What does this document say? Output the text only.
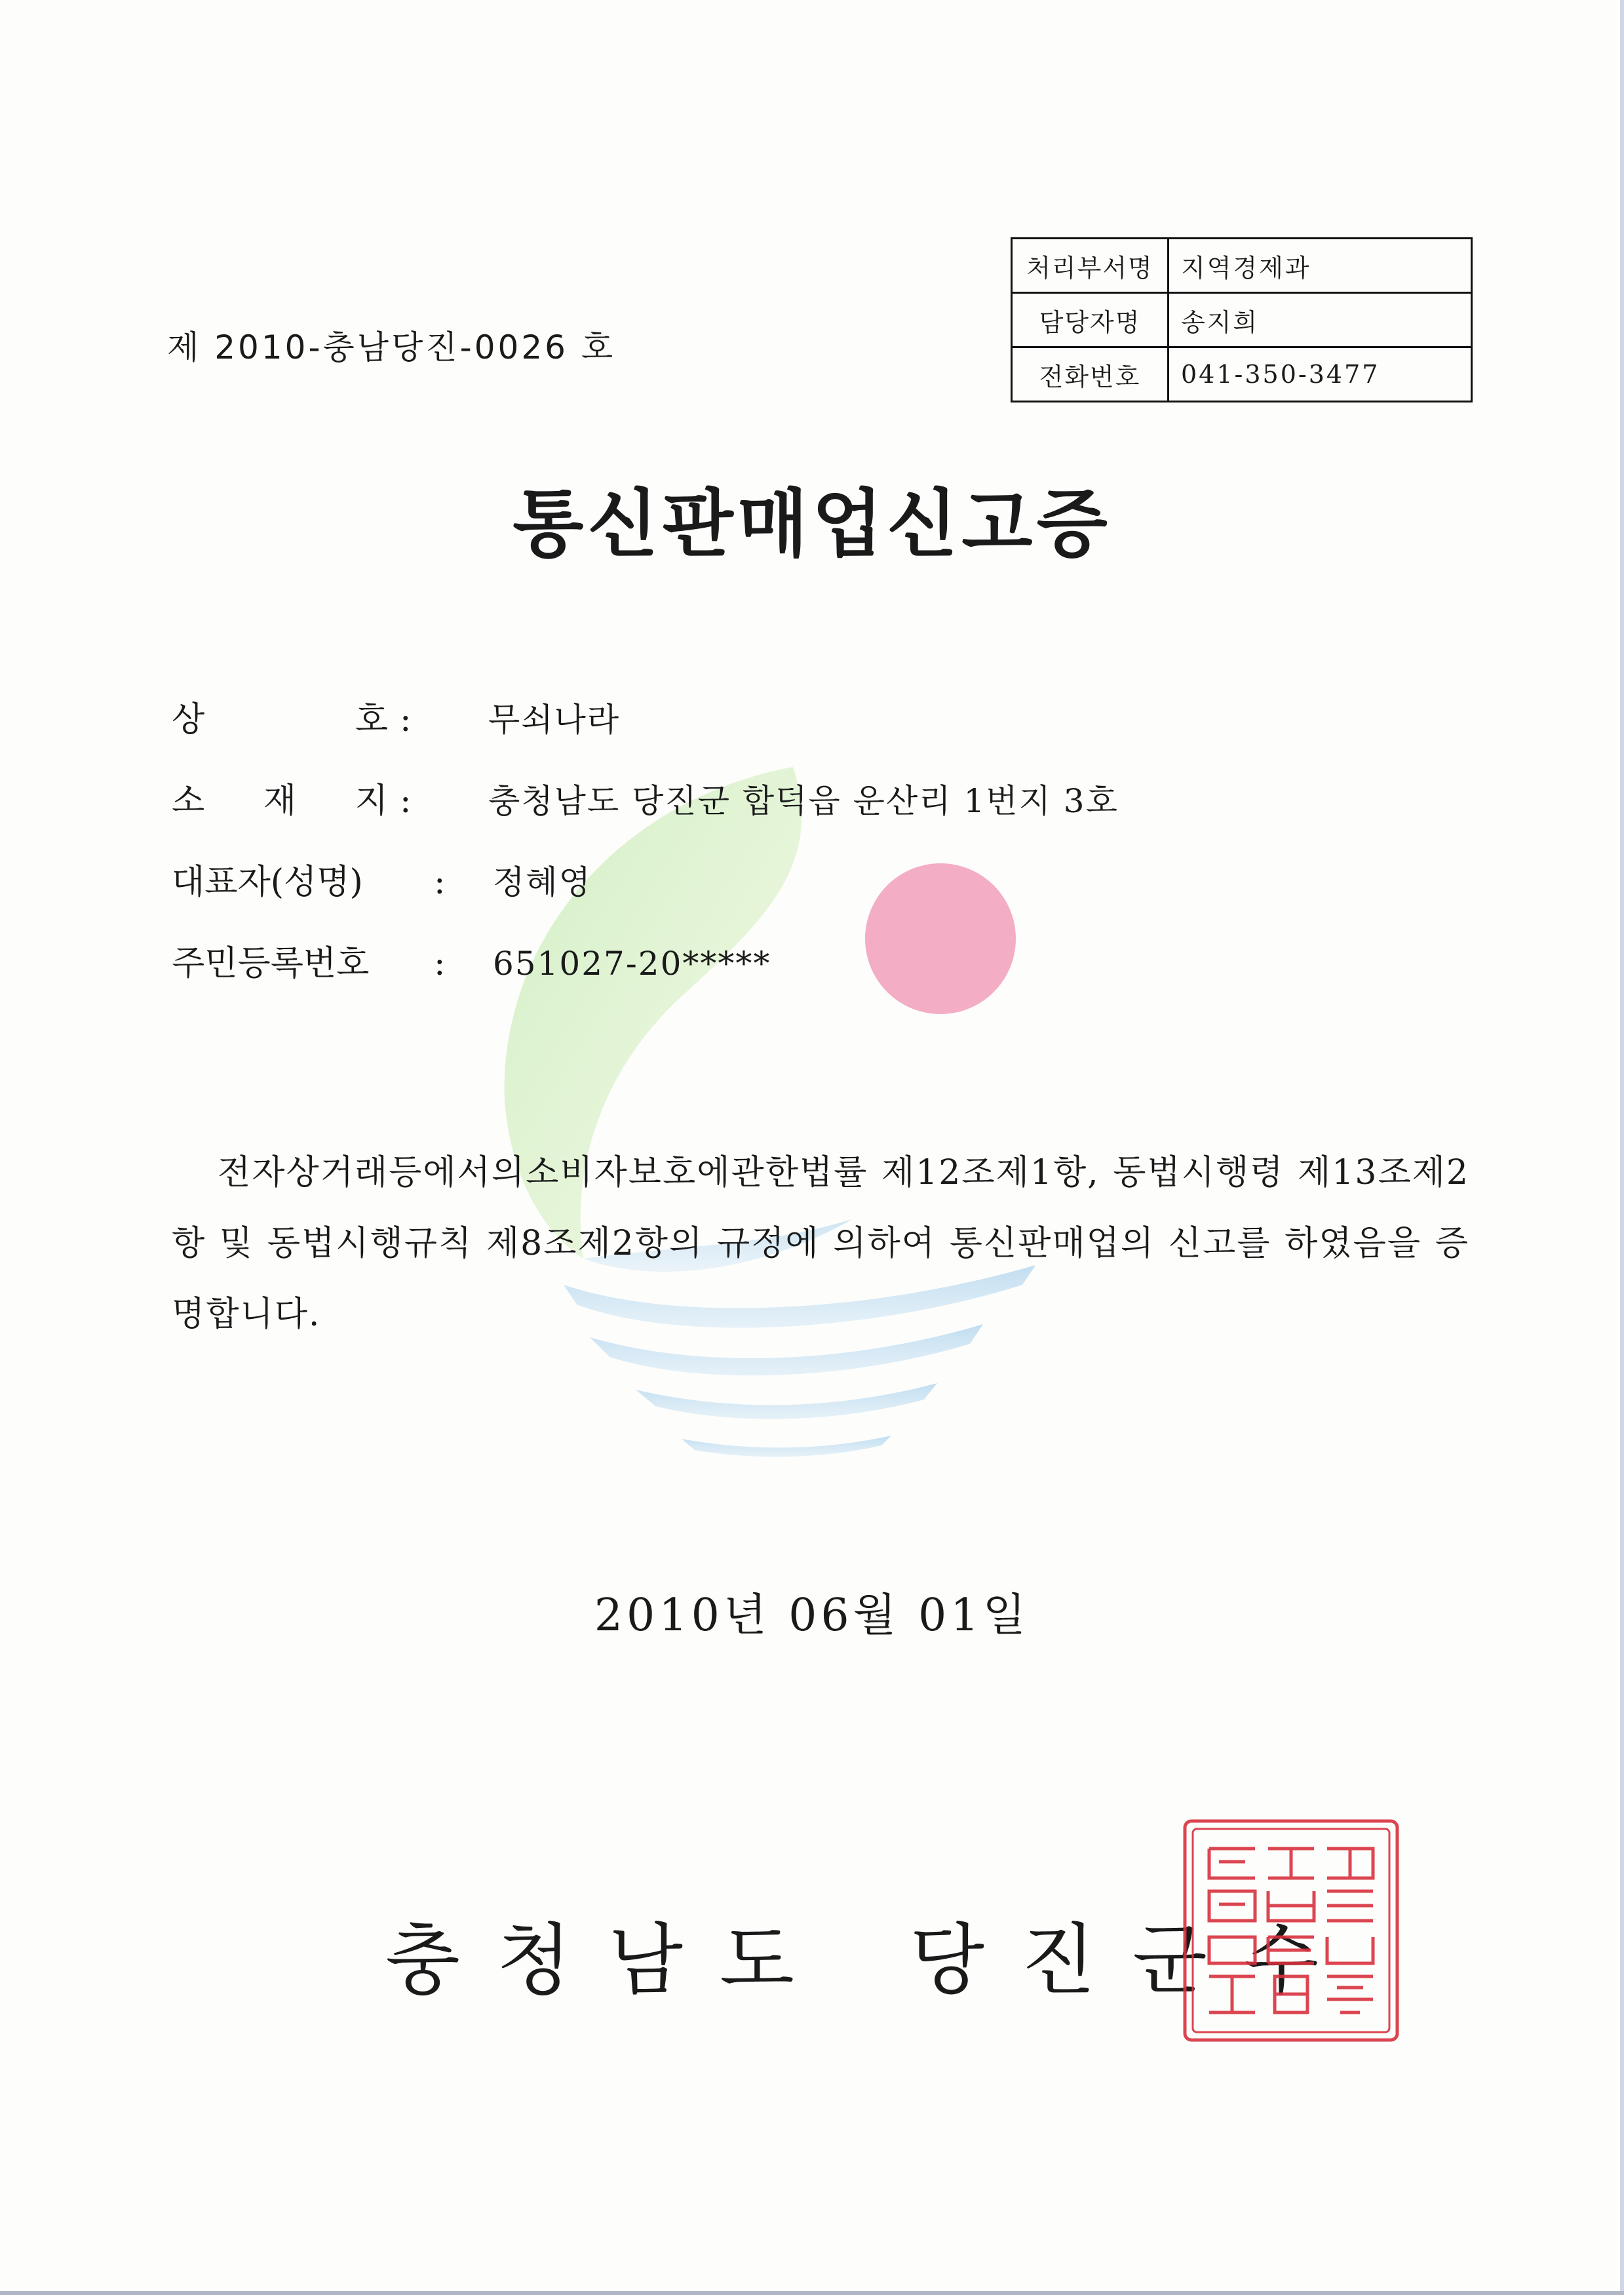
제 2010-충남당진-0026 호
처리부서명	지역경제과
담당자명	송지희
전화번호	041-350-3477
통신판매업신고증
상	호 :	무쇠나라
소 재 지 :	충청남도 당진군 합덕읍 운산리 1번지 3호
대표자(성명)	:	정혜영
주민등록번호	:	651027-20*****
전자상거래등에서의소비자보호에관한법률 제12조제1항, 동법시행령 제13조제2항 및 동법시행규칙 제8조제2항의 규정에 의하여 통신판매업의 신고를 하였음을 증명합니다.
2010년 06월 01일
충 청 남 도 당 진 군 수
